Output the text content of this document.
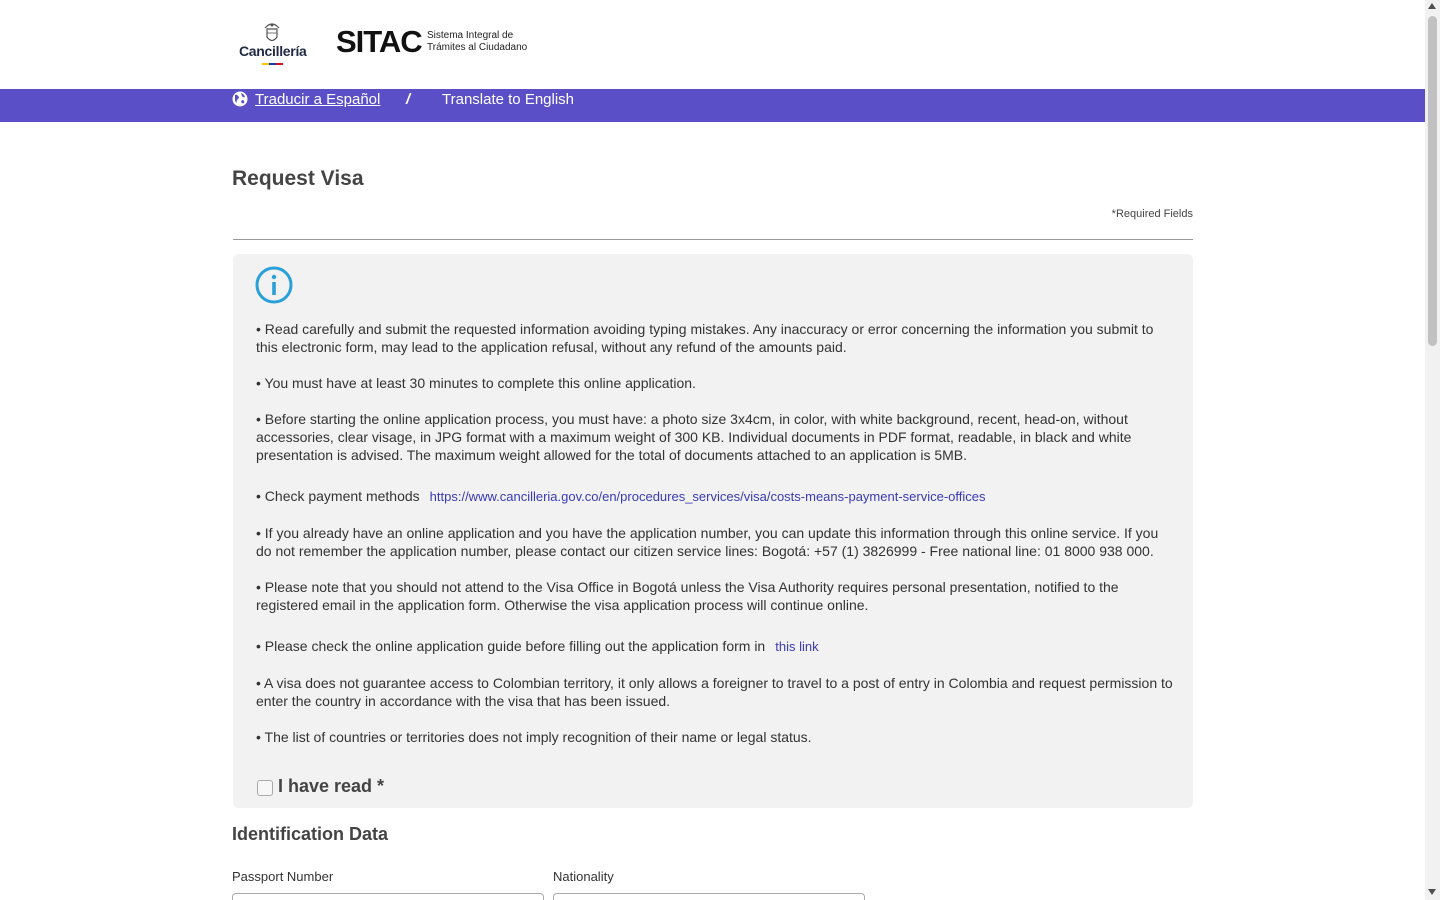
Cancillería SITAC Sistema Integral de
Trámites al Ciudadano
Traducir a Español / Translate to English
Request Visa
*Required Fields

• Read carefully and submit the requested information avoiding typing mistakes. Any inaccuracy or error concerning the information you submit to this electronic form, may lead to the application refusal, without any refund of the amounts paid.

• You must have at least 30 minutes to complete this online application.

• Before starting the online application process, you must have: a photo size 3x4cm, in color, with white background, recent, head-on, without accessories, clear visage, in JPG format with a maximum weight of 300 KB. Individual documents in PDF format, readable, in black and white presentation is advised. The maximum weight allowed for the total of documents attached to an application is 5MB.

• Check payment methods https://www.cancilleria.gov.co/en/procedures_services/visa/costs-means-payment-service-offices

• If you already have an online application and you have the application number, you can update this information through this online service. If you do not remember the application number, please contact our citizen service lines: Bogotá: +57 (1) 3826999 - Free national line: 01 8000 938 000.

• Please note that you should not attend to the Visa Office in Bogotá unless the Visa Authority requires personal presentation, notified to the registered email in the application form. Otherwise the visa application process will continue online.

• Please check the online application guide before filling out the application form in this link

• A visa does not guarantee access to Colombian territory, it only allows a foreigner to travel to a post of entry in Colombia and request permission to enter the country in accordance with the visa that has been issued.

• The list of countries or territories does not imply recognition of their name or legal status.

I have read *
Identification Data
Passport Number	Nationality
